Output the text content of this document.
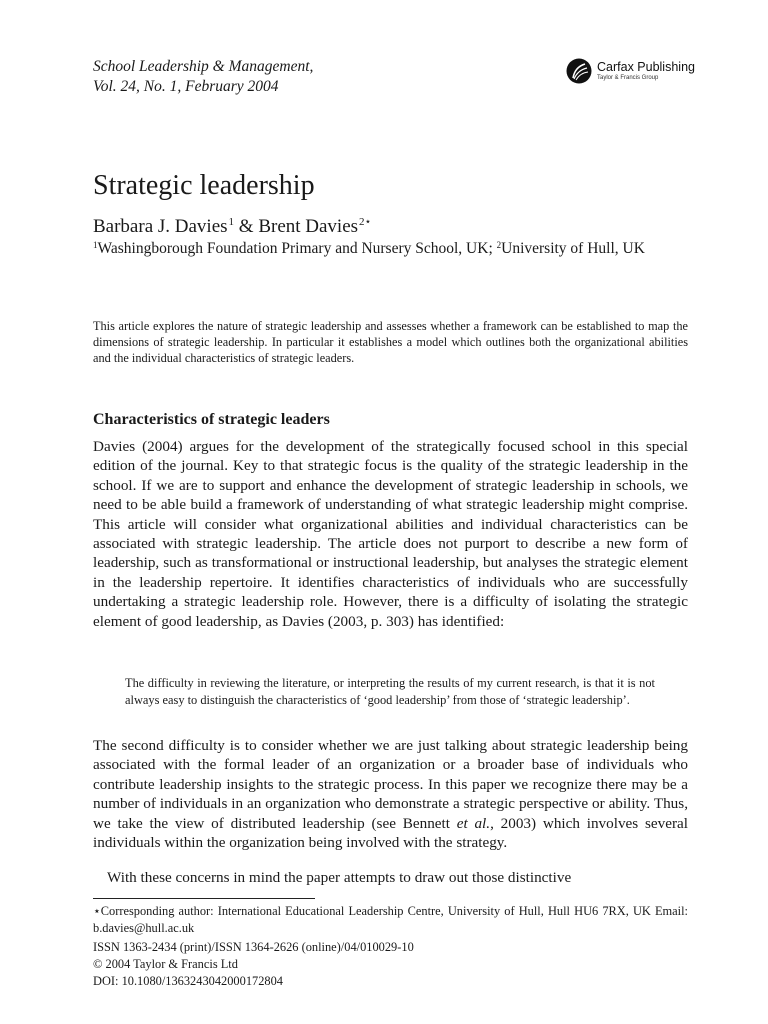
School Leadership & Management,
Vol. 24, No. 1, February 2004
Carfax Publishing
Taylor & Francis Group
Strategic leadership
Barbara J. Davies$^1$ & Brent Davies$^{2⋆}$
$^1$Washingborough Foundation Primary and Nursery School, UK; $^2$University of Hull, UK

This article explores the nature of strategic leadership and assesses whether a framework can be established to map the dimensions of strategic leadership. In particular it establishes a model which outlines both the organizational abilities and the individual characteristics of strategic leaders.

Characteristics of strategic leaders

Davies (2004) argues for the development of the strategically focused school in this special edition of the journal. Key to that strategic focus is the quality of the strategic leadership in the school. If we are to support and enhance the development of strategic leadership in schools, we need to be able build a framework of understanding of what strategic leadership might comprise. This article will consider what organizational abilities and individual characteristics can be associated with strategic leadership. The article does not purport to describe a new form of leadership, such as transformational or instructional leadership, but analyses the strategic element in the leadership repertoire. It identifies characteristics of individuals who are successfully undertaking a strategic leadership role. However, there is a difficulty of isolating the strategic element of good leadership, as Davies (2003, p. 303) has identified:

The difficulty in reviewing the literature, or interpreting the results of my current research, is that it is not always easy to distinguish the characteristics of ‘good leadership’ from those of ‘strategic leadership’.

The second difficulty is to consider whether we are just talking about strategic leadership being associated with the formal leader of an organization or a broader base of individuals who contribute leadership insights to the strategic process. In this paper we recognize there may be a number of individuals in an organization who demonstrate a strategic perspective or ability. Thus, we take the view of distributed leadership (see Bennett et al., 2003) which involves several individuals within the organization being involved with the strategy.

With these concerns in mind the paper attempts to draw out those distinctive

⋆Corresponding author: International Educational Leadership Centre, University of Hull, Hull HU6 7RX, UK Email: b.davies@hull.ac.uk
ISSN 1363-2434 (print)/ISSN 1364-2626 (online)/04/010029-10
© 2004 Taylor & Francis Ltd
DOI: 10.1080/1363243042000172804
